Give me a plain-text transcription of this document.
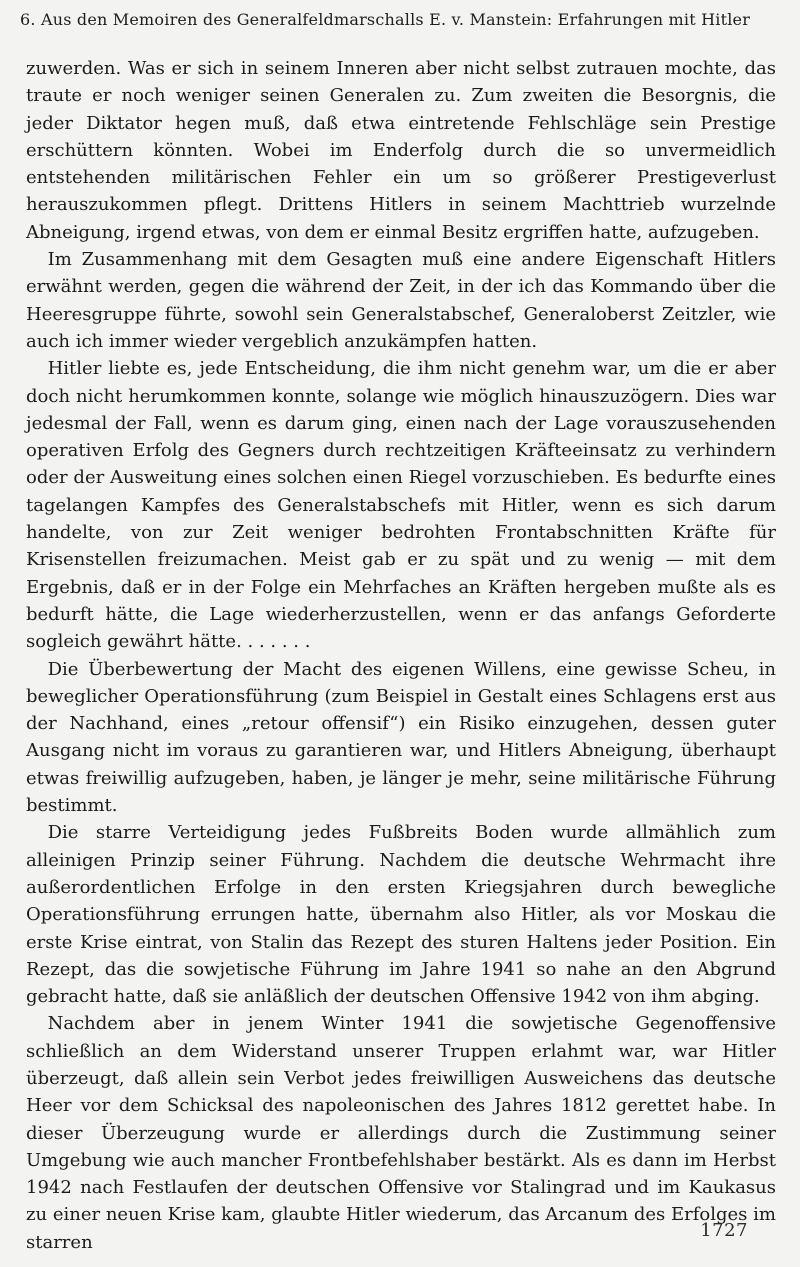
6. Aus den Memoiren des Generalfeldmarschalls E. v. Manstein: Erfahrungen mit Hitler

zuwerden. Was er sich in seinem Inneren aber nicht selbst zutrauen mochte, das traute er noch weniger seinen Generalen zu. Zum zweiten die Besorgnis, die jeder Diktator hegen muß, daß etwa eintretende Fehlschläge sein Prestige erschüttern könnten. Wobei im Enderfolg durch die so unvermeidlich entstehenden militärischen Fehler ein um so größerer Prestigeverlust herauszukommen pflegt. Drittens Hitlers in seinem Machttrieb wurzelnde Abneigung, irgend etwas, von dem er einmal Besitz ergriffen hatte, aufzugeben.

Im Zusammenhang mit dem Gesagten muß eine andere Eigenschaft Hitlers erwähnt werden, gegen die während der Zeit, in der ich das Kommando über die Heeresgruppe führte, sowohl sein Generalstabschef, Generaloberst Zeitzler, wie auch ich immer wieder vergeblich anzukämpfen hatten.

Hitler liebte es, jede Entscheidung, die ihm nicht genehm war, um die er aber doch nicht herumkommen konnte, solange wie möglich hinauszuzögern. Dies war jedesmal der Fall, wenn es darum ging, einen nach der Lage vorauszusehenden operativen Erfolg des Gegners durch rechtzeitigen Kräfteeinsatz zu verhindern oder der Ausweitung eines solchen einen Riegel vorzuschieben. Es bedurfte eines tagelangen Kampfes des Generalstabschefs mit Hitler, wenn es sich darum handelte, von zur Zeit weniger bedrohten Frontabschnitten Kräfte für Krisenstellen freizumachen. Meist gab er zu spät und zu wenig — mit dem Ergebnis, daß er in der Folge ein Mehrfaches an Kräften hergeben mußte als es bedurft hätte, die Lage wiederherzustellen, wenn er das anfangs Geforderte sogleich gewährt hätte. . . . . . .

Die Überbewertung der Macht des eigenen Willens, eine gewisse Scheu, in beweglicher Operationsführung (zum Beispiel in Gestalt eines Schlagens erst aus der Nachhand, eines „retour offensif“) ein Risiko einzugehen, dessen guter Ausgang nicht im voraus zu garantieren war, und Hitlers Abneigung, überhaupt etwas freiwillig aufzugeben, haben, je länger je mehr, seine militärische Führung bestimmt.

Die starre Verteidigung jedes Fußbreits Boden wurde allmählich zum alleinigen Prinzip seiner Führung. Nachdem die deutsche Wehrmacht ihre außerordentlichen Erfolge in den ersten Kriegsjahren durch bewegliche Operationsführung errungen hatte, übernahm also Hitler, als vor Moskau die erste Krise eintrat, von Stalin das Rezept des sturen Haltens jeder Position. Ein Rezept, das die sowjetische Führung im Jahre 1941 so nahe an den Abgrund gebracht hatte, daß sie anläßlich der deutschen Offensive 1942 von ihm abging.

Nachdem aber in jenem Winter 1941 die sowjetische Gegenoffensive schließlich an dem Widerstand unserer Truppen erlahmt war, war Hitler überzeugt, daß allein sein Verbot jedes freiwilligen Ausweichens das deutsche Heer vor dem Schicksal des napoleonischen des Jahres 1812 gerettet habe. In dieser Überzeugung wurde er allerdings durch die Zustimmung seiner Umgebung wie auch mancher Frontbefehlshaber bestärkt. Als es dann im Herbst 1942 nach Festlaufen der deutschen Offensive vor Stalingrad und im Kaukasus zu einer neuen Krise kam, glaubte Hitler wiederum, das Arcanum des Erfolges im starren

1727
